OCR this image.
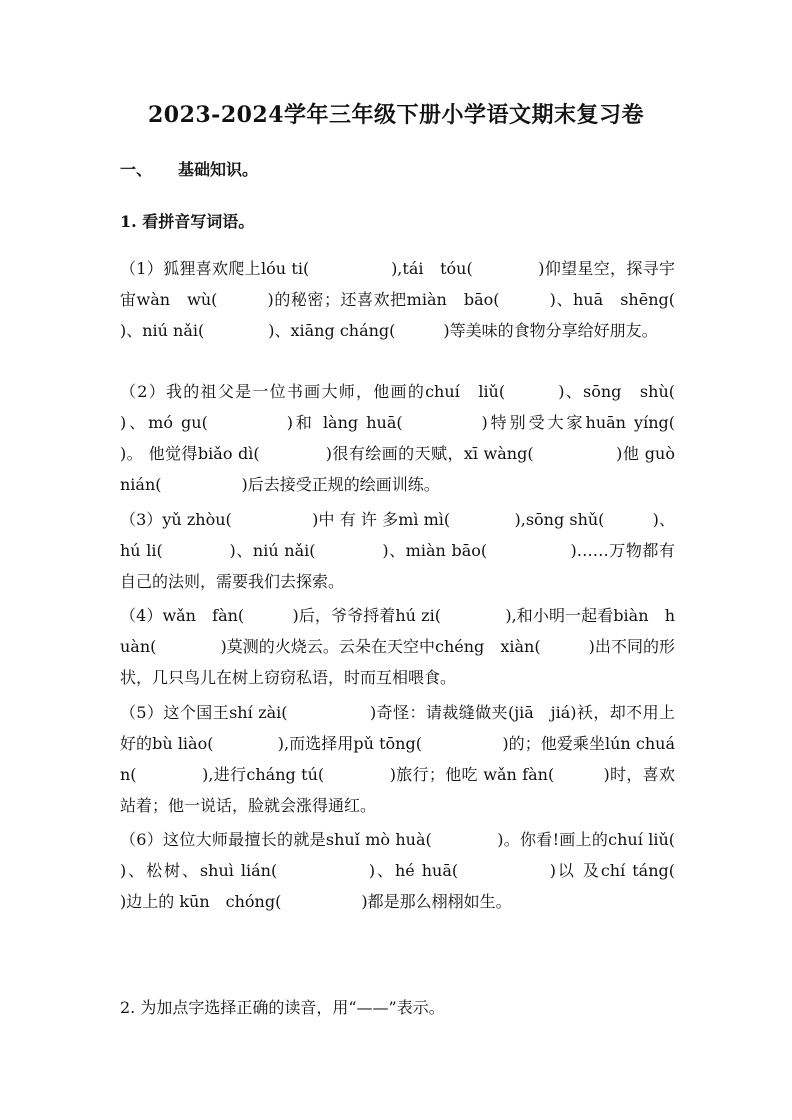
2023-2024学年三年级下册小学语文期末复习卷
一、 基础知识。
1. 看拼音写词语。
（1）狐狸喜欢爬上lóu ti(　　　　　),tái　tóu(　　　　)仰望星空，探寻宇宙wàn　wù(　　　)的秘密；还喜欢把miàn　bāo(　　　)、huā　shēng(　　　　)、niú nǎi(　　　　)、xiāng cháng(　　　)等美味的食物分享给好朋友。
（2）我的祖父是一位书画大师，他画的chuí　liǔ(　　　)、sōng　shù(　　　　)、mó gu(　　　　)和 làng huā(　　　　)特别受大家huān yíng(　　　　)。 他觉得biǎo dì(　　　　)很有绘画的天赋，xī wàng(　　　　　)他 guò nián(　　　　　)后去接受正规的绘画训练。
（3）yǔ zhòu(　　　　　)中 有 许 多mì mì(　　　　),sōng shǔ(　　　)、hú li(　　　　)、niú nǎi(　　　　)、miàn bāo(　　　　　)……万物都有自己的法则，需要我们去探索。
（4）wǎn　fàn(　　　)后，爷爷捋着hú zi(　　　　),和小明一起看biàn　huàn(　　　　)莫测的火烧云。云朵在天空中chéng　xiàn(　　　)出不同的形状，几只鸟儿在树上窃窃私语，时而互相喂食。
（5）这个国王shí zài(　　　　　)奇怪：请裁缝做夹(jiā　jiá)袄，却不用上好的bù liào(　　　　),而选择用pǔ tōng(　　　　　)的；他爱乘坐lún chuán(　　　　),进行cháng tú(　　　　)旅行；他吃 wǎn fàn(　　　)时，喜欢站着；他一说话，脸就会涨得通红。
（6）这位大师最擅长的就是shuǐ mò huà(　　　　)。你看!画上的chuí liǔ(　　　　)、松树、shuì lián(　　　　　)、hé huā(　　　　　)以 及chí táng(　　　　　)边上的 kūn　chóng(　　　　　)都是那么栩栩如生。
2. 为加点字选择正确的读音，用“——”表示。
